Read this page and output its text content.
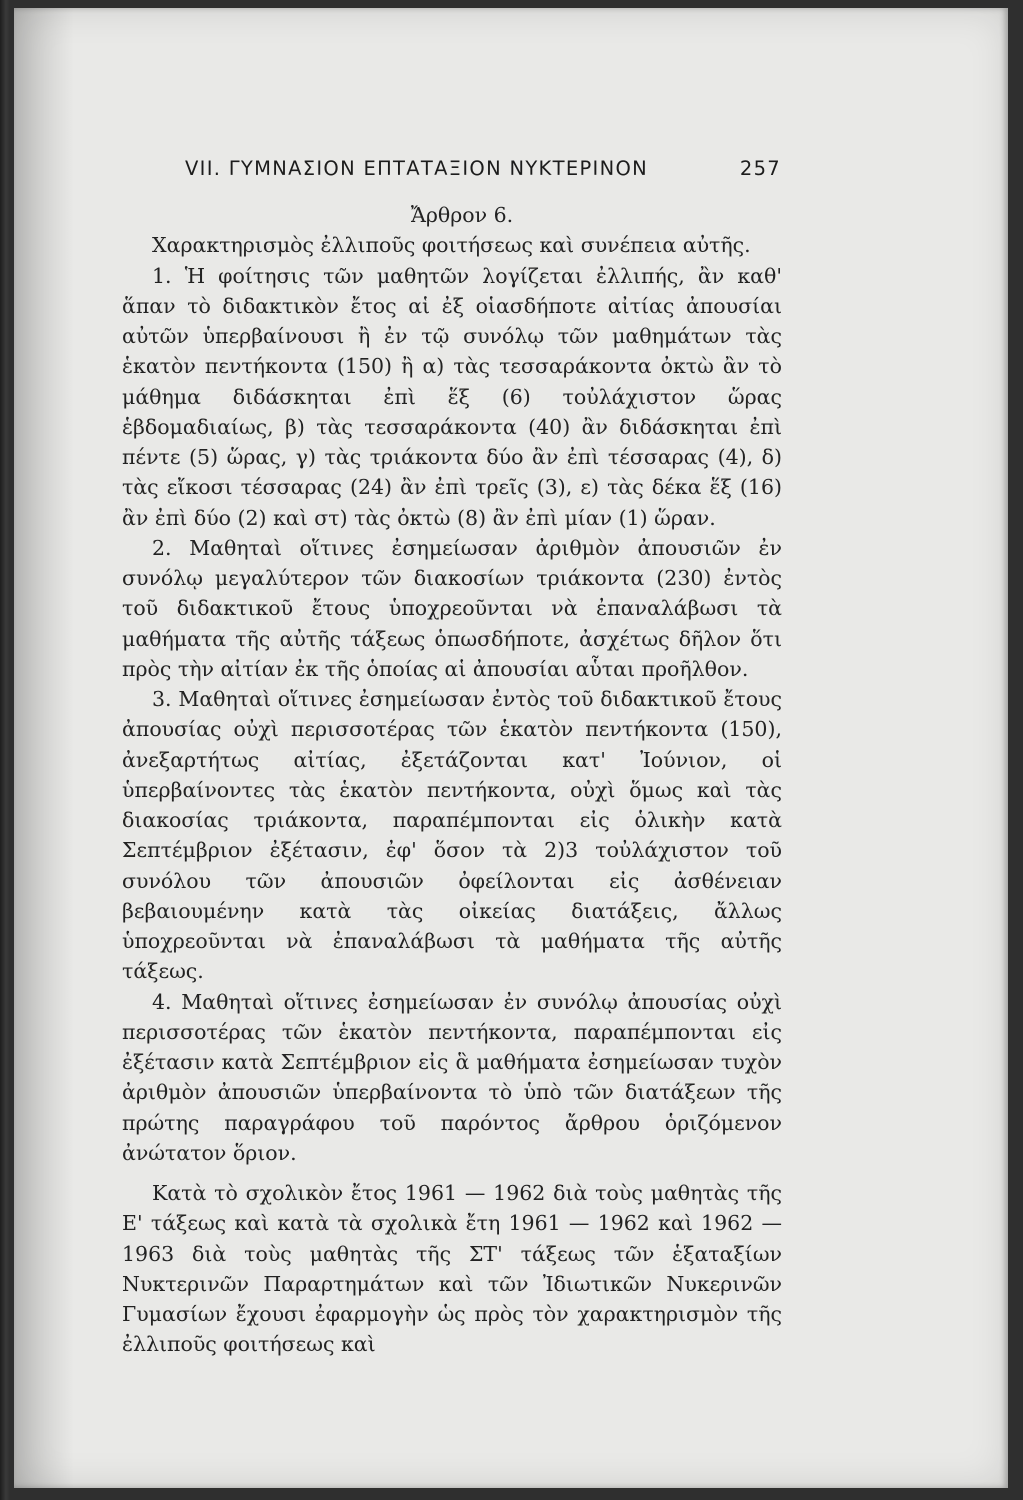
VII. ΓΥΜΝΑΣΙΟΝ ΕΠΤΑΤΑΞΙΟΝ ΝΥΚΤΕΡΙΝΟΝ	257

Ἄρθρον 6.

Χαρακτηρισμὸς ἐλλιποῦς φοιτήσεως καὶ συνέπεια αὐτῆς.

1. Ἡ φοίτησις τῶν μαθητῶν λογίζεται ἐλλιπής, ἂν καθ' ἅπαν τὸ διδακτικὸν ἔτος αἱ ἐξ οἱασδήποτε αἰτίας ἀπουσίαι αὐτῶν ὑπερβαίνουσι ἢ ἐν τῷ συνόλῳ τῶν μαθημάτων τὰς ἑκατὸν πεντήκοντα (150) ἢ α) τὰς τεσσαράκοντα ὀκτὼ ἂν τὸ μάθημα διδάσκηται ἐπὶ ἕξ (6) τοὐλάχιστον ὥρας ἑβδομαδιαίως, β) τὰς τεσσαράκοντα (40) ἂν διδάσκηται ἐπὶ πέντε (5) ὥρας, γ) τὰς τριάκοντα δύο ἂν ἐπὶ τέσσαρας (4), δ) τὰς εἴκοσι τέσσαρας (24) ἂν ἐπὶ τρεῖς (3), ε) τὰς δέκα ἕξ (16) ἂν ἐπὶ δύο (2) καὶ στ) τὰς ὀκτὼ (8) ἂν ἐπὶ μίαν (1) ὥραν.

2. Μαθηταὶ οἵτινες ἐσημείωσαν ἀριθμὸν ἀπουσιῶν ἐν συνόλῳ μεγαλύτερον τῶν διακοσίων τριάκοντα (230) ἐντὸς τοῦ διδακτικοῦ ἔτους ὑποχρεοῦνται νὰ ἐπαναλάβωσι τὰ μαθήματα τῆς αὐτῆς τάξεως ὁπωσδήποτε, ἀσχέτως δῆλον ὅτι πρὸς τὴν αἰτίαν ἐκ τῆς ὁποίας αἱ ἀπουσίαι αὗται προῆλθον.

3. Μαθηταὶ οἵτινες ἐσημείωσαν ἐντὸς τοῦ διδακτικοῦ ἔτους ἀπουσίας οὐχὶ περισσοτέρας τῶν ἑκατὸν πεντήκοντα (150), ἀνεξαρτήτως αἰτίας, ἐξετάζονται κατ' Ἰούνιον, οἱ ὑπερβαίνοντες τὰς ἑκατὸν πεντήκοντα, οὐχὶ ὅμως καὶ τὰς διακοσίας τριάκοντα, παραπέμπονται εἰς ὁλικὴν κατὰ Σεπτέμβριον ἐξέτασιν, ἐφ' ὅσον τὰ 2)3 τοὐλάχιστον τοῦ συνόλου τῶν ἀπουσιῶν ὀφείλονται εἰς ἀσθένειαν βεβαιουμένην κατὰ τὰς οἰκείας διατάξεις, ἄλλως ὑποχρεοῦνται νὰ ἐπαναλάβωσι τὰ μαθήματα τῆς αὐτῆς τάξεως.

4. Μαθηταὶ οἵτινες ἐσημείωσαν ἐν συνόλῳ ἀπουσίας οὐχὶ περισσοτέρας τῶν ἑκατὸν πεντήκοντα, παραπέμπονται εἰς ἐξέτασιν κατὰ Σεπτέμβριον εἰς ἃ μαθήματα ἐσημείωσαν τυχὸν ἀριθμὸν ἀπουσιῶν ὑπερβαίνοντα τὸ ὑπὸ τῶν διατάξεων τῆς πρώτης παραγράφου τοῦ παρόντος ἄρθρου ὁριζόμενον ἀνώτατον ὅριον.

Κατὰ τὸ σχολικὸν ἔτος 1961 — 1962 διὰ τοὺς μαθητὰς τῆς Ε' τάξεως καὶ κατὰ τὰ σχολικὰ ἔτη 1961 — 1962 καὶ 1962 — 1963 διὰ τοὺς μαθητὰς τῆς ΣΤ' τάξεως τῶν ἑξαταξίων Νυκτερινῶν Παραρτημάτων καὶ τῶν Ἰδιωτικῶν Νυκερινῶν Γυμασίων ἔχουσι ἐφαρμογὴν ὡς πρὸς τὸν χαρακτηρισμὸν τῆς ἐλλιποῦς φοιτήσεως καὶ
